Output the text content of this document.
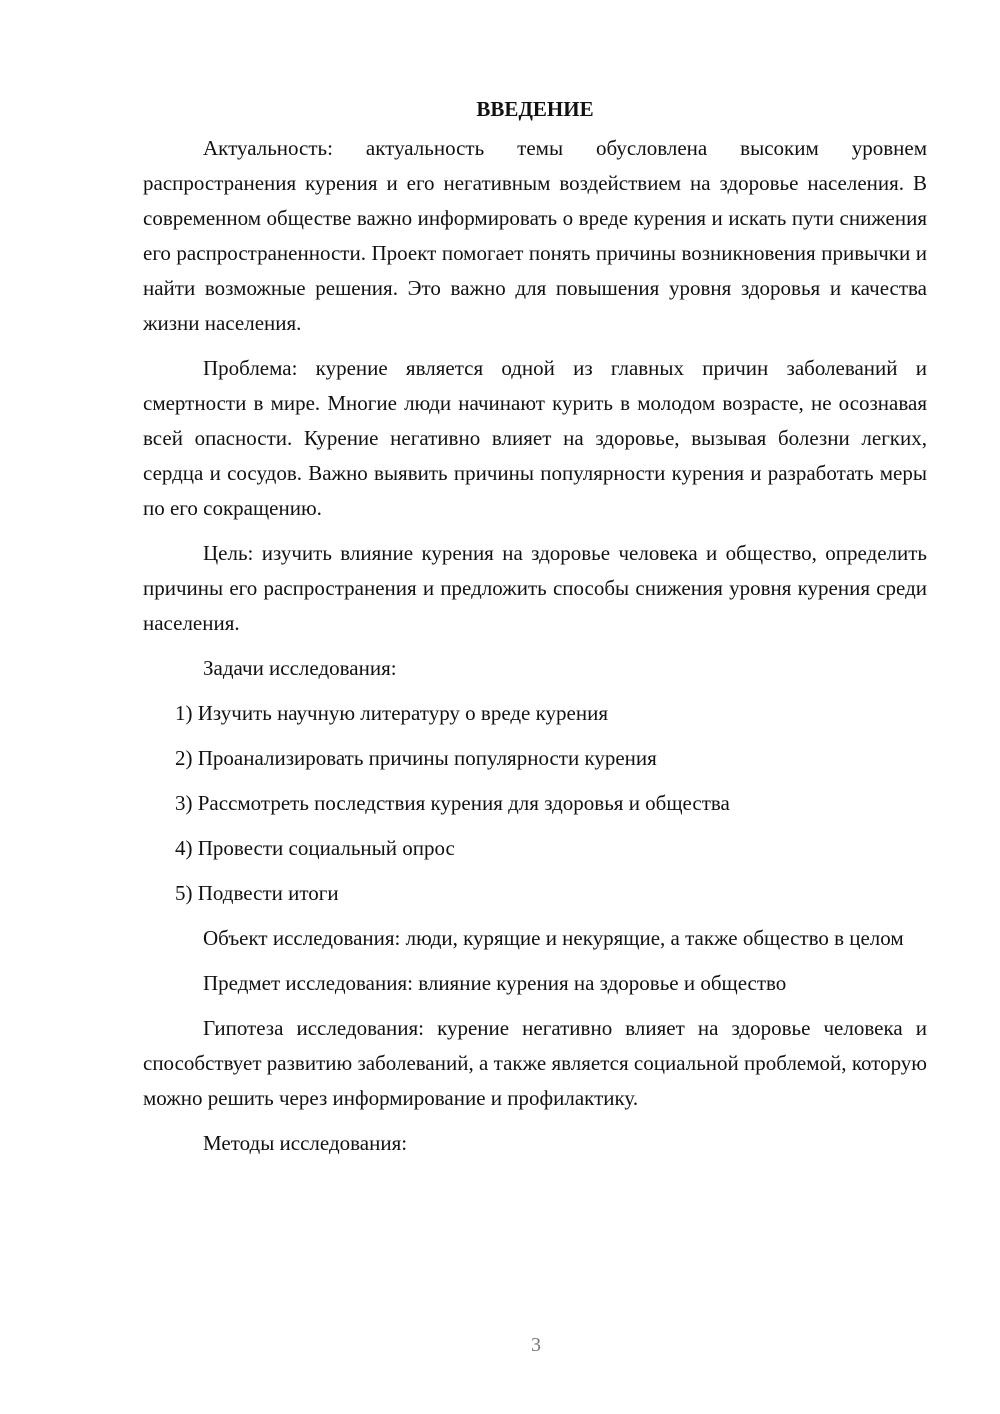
ВВЕДЕНИЕ

Актуальность: актуальность темы обусловлена высоким уровнем распространения курения и его негативным воздействием на здоровье населения. В современном обществе важно информировать о вреде курения и искать пути снижения его распространенности. Проект помогает понять причины возникновения привычки и найти возможные решения. Это важно для повышения уровня здоровья и качества жизни населения.

Проблема: курение является одной из главных причин заболеваний и смертности в мире. Многие люди начинают курить в молодом возрасте, не осознавая всей опасности. Курение негативно влияет на здоровье, вызывая болезни легких, сердца и сосудов. Важно выявить причины популярности курения и разработать меры по его сокращению.

Цель: изучить влияние курения на здоровье человека и общество, определить причины его распространения и предложить способы снижения уровня курения среди населения.

Задачи исследования:

1) Изучить научную литературу о вреде курения
2) Проанализировать причины популярности курения
3) Рассмотреть последствия курения для здоровья и общества
4) Провести социальный опрос
5) Подвести итоги

Объект исследования: люди, курящие и некурящие, а также общество в целом

Предмет исследования: влияние курения на здоровье и общество

Гипотеза исследования: курение негативно влияет на здоровье человека и способствует развитию заболеваний, а также является социальной проблемой, которую можно решить через информирование и профилактику.

Методы исследования:

3
